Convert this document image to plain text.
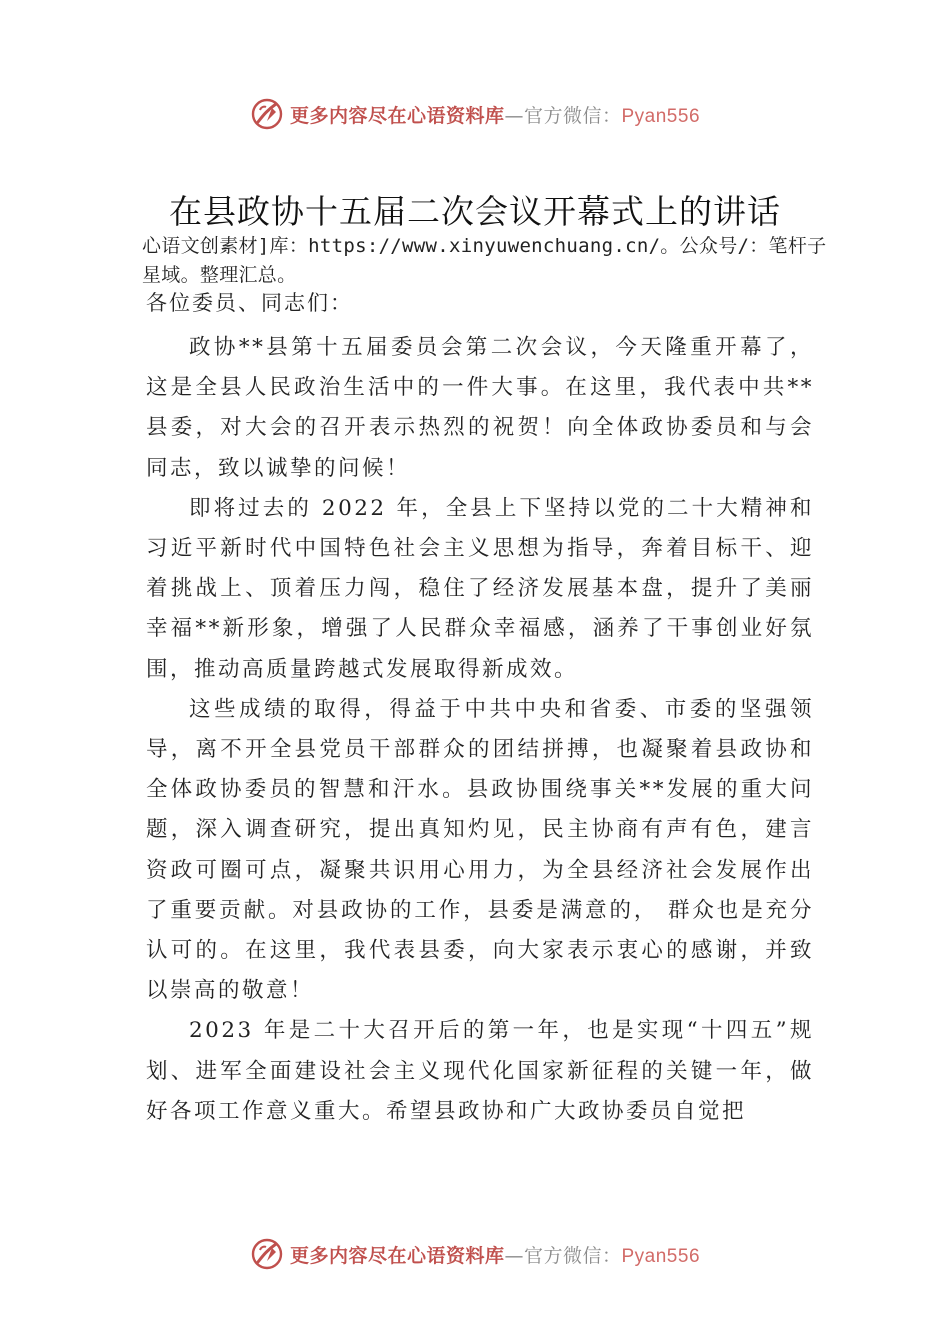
更多内容尽在心语资料库—官方微信：Pyan556
在县政协十五届二次会议开幕式上的讲话
心语文创素材]库：https://www.xinyuwenchuang.cn/。公众号/：笔杆子星域。整理汇总。
各位委员、同志们：

政协**县第十五届委员会第二次会议，今天隆重开幕了，这是全县人民政治生活中的一件大事。在这里，我代表中共**县委，对大会的召开表示热烈的祝贺！向全体政协委员和与会同志，致以诚挚的问候！

即将过去的 2022 年，全县上下坚持以党的二十大精神和习近平新时代中国特色社会主义思想为指导，奔着目标干、迎着挑战上、顶着压力闯，稳住了经济发展基本盘，提升了美丽幸福**新形象，增强了人民群众幸福感，涵养了干事创业好氛围，推动高质量跨越式发展取得新成效。

这些成绩的取得，得益于中共中央和省委、市委的坚强领导，离不开全县党员干部群众的团结拼搏，也凝聚着县政协和全体政协委员的智慧和汗水。县政协围绕事关**发展的重大问题，深入调查研究，提出真知灼见，民主协商有声有色，建言资政可圈可点，凝聚共识用心用力，为全县经济社会发展作出了重要贡献。对县政协的工作，县委是满意的， 群众也是充分认可的。在这里，我代表县委，向大家表示衷心的感谢，并致以崇高的敬意！

2023 年是二十大召开后的第一年，也是实现“十四五”规划、进军全面建设社会主义现代化国家新征程的关键一年，做好各项工作意义重大。希望县政协和广大政协委员自觉把

更多内容尽在心语资料库—官方微信：Pyan556
